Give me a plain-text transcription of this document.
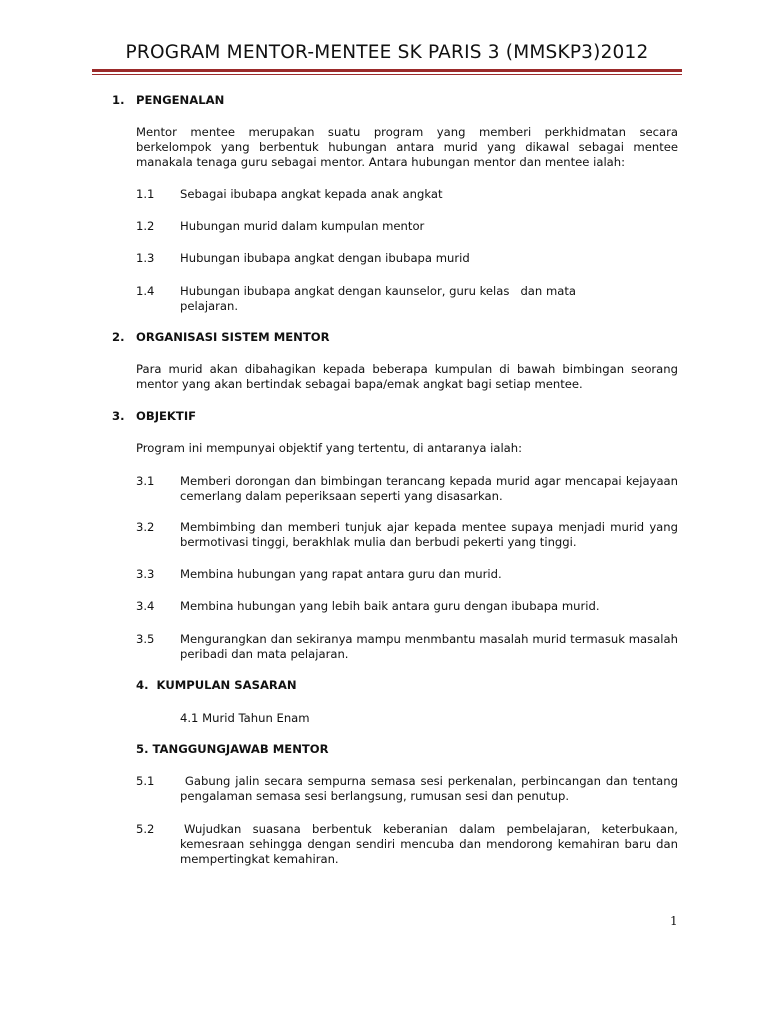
PROGRAM MENTOR-MENTEE SK PARIS 3 (MMSKP3)2012
1. PENGENALAN
Mentor mentee merupakan suatu program yang memberi perkhidmatan secara berkelompok yang berbentuk hubungan antara murid yang dikawal sebagai mentee manakala tenaga guru sebagai mentor. Antara hubungan mentor dan mentee ialah:
1.1 Sebagai ibubapa angkat kepada anak angkat
1.2 Hubungan murid dalam kumpulan mentor
1.3 Hubungan ibubapa angkat dengan ibubapa murid
1.4 Hubungan ibubapa angkat dengan kaunselor, guru kelas   dan mata pelajaran.
2. ORGANISASI SISTEM MENTOR
Para murid akan dibahagikan kepada beberapa kumpulan di bawah bimbingan seorang mentor yang akan bertindak sebagai bapa/emak angkat bagi setiap mentee.
3. OBJEKTIF
Program ini mempunyai objektif yang tertentu, di antaranya ialah:
3.1 Memberi dorongan dan bimbingan terancang kepada murid agar mencapai kejayaan cemerlang dalam peperiksaan seperti yang disasarkan.
3.2 Membimbing dan memberi tunjuk ajar kepada mentee supaya menjadi murid yang bermotivasi tinggi, berakhlak mulia dan berbudi pekerti yang tinggi.
3.3 Membina hubungan yang rapat antara guru dan murid.
3.4 Membina hubungan yang lebih baik antara guru dengan ibubapa murid.
3.5 Mengurangkan dan sekiranya mampu menmbantu masalah murid termasuk masalah peribadi dan mata pelajaran.
4.  KUMPULAN SASARAN
4.1 Murid Tahun Enam
5. TANGGUNGJAWAB MENTOR
5.1 Gabung jalin secara sempurna semasa sesi perkenalan, perbincangan dan tentang pengalaman semasa sesi berlangsung, rumusan sesi dan penutup.
5.2	Wujudkan suasana berbentuk keberanian dalam pembelajaran, keterbukaan, kemesraan sehingga dengan sendiri mencuba dan mendorong kemahiran baru dan mempertingkat kemahiran.
1
